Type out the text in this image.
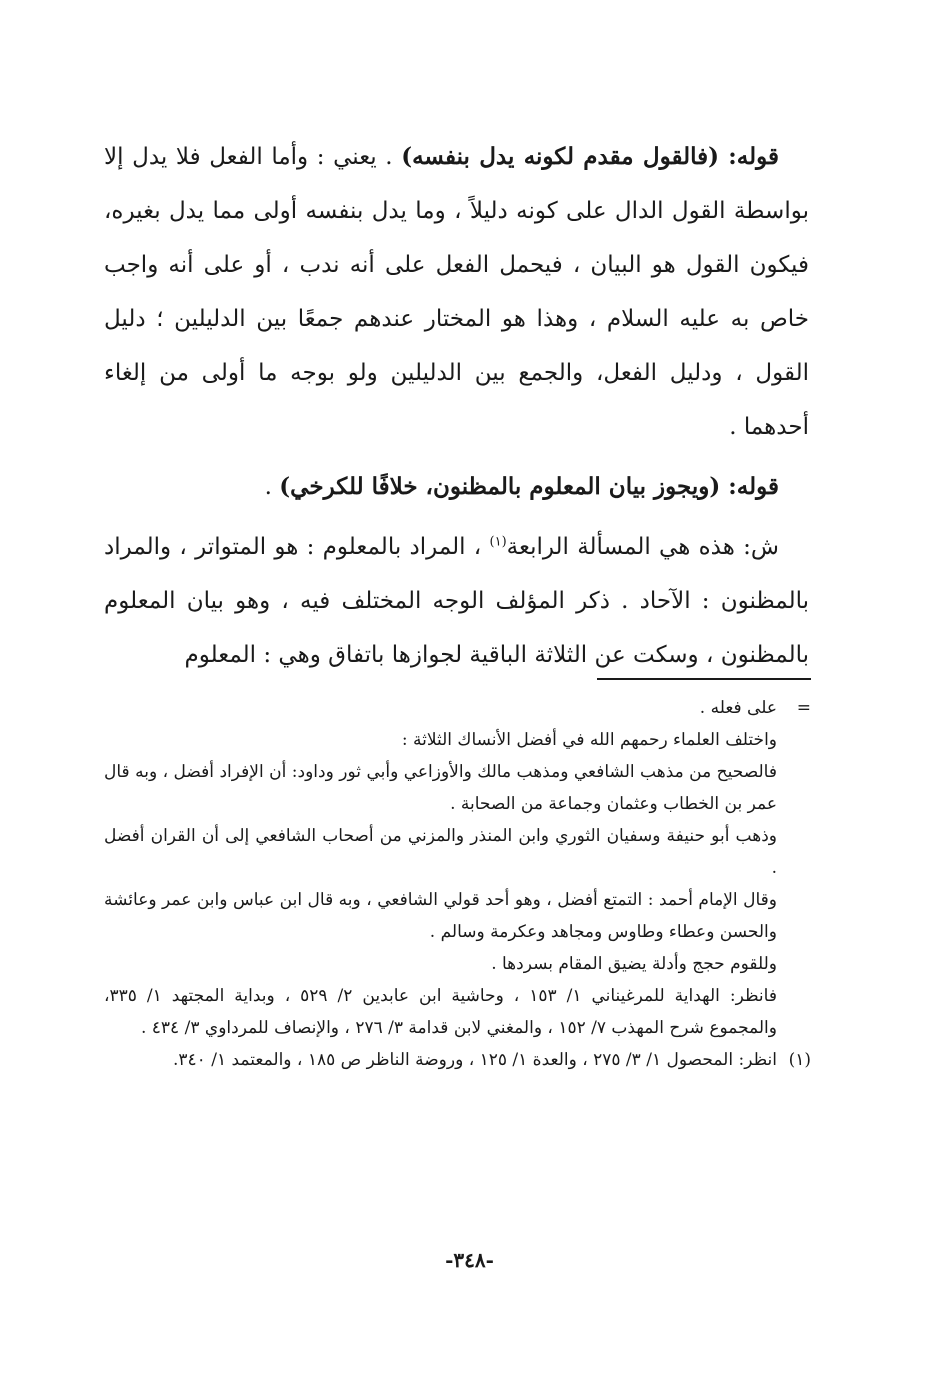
قوله: (فالقول مقدم لكونه يدل بنفسه) . يعني : وأما الفعل فلا يدل إلا بواسطة القول الدال على كونه دليلاً ، وما يدل بنفسه أولى مما يدل بغيره، فيكون القول هو البيان ، فيحمل الفعل على أنه ندب ، أو على أنه واجب خاص به عليه السلام ، وهذا هو المختار عندهم جمعًا بين الدليلين ؛ دليل القول ، ودليل الفعل، والجمع بين الدليلين ولو بوجه ما أولى من إلغاء أحدهما .

قوله: (ويجوز بيان المعلوم بالمظنون، خلافًا للكرخي) .

ش: هذه هي المسألة الرابعة$^{(١)}$ ، المراد بالمعلوم : هو المتواتر ، والمراد بالمظنون : الآحاد . ذكر المؤلف الوجه المختلف فيه ، وهو بيان المعلوم بالمظنون ، وسكت عن الثلاثة الباقية لجوازها باتفاق وهي : المعلوم

=

على فعله .

واختلف العلماء رحمهم الله في أفضل الأنساك الثلاثة :

فالصحيح من مذهب الشافعي ومذهب مالك والأوزاعي وأبي ثور وداود: أن الإفراد أفضل ، وبه قال عمر بن الخطاب وعثمان وجماعة من الصحابة .

وذهب أبو حنيفة وسفيان الثوري وابن المنذر والمزني من أصحاب الشافعي إلى أن القران أفضل .

وقال الإمام أحمد : التمتع أفضل ، وهو أحد قولي الشافعي ، وبه قال ابن عباس وابن عمر وعائشة والحسن وعطاء وطاوس ومجاهد وعكرمة وسالم .

وللقوم حجج وأدلة يضيق المقام بسردها .

فانظر: الهداية للمرغيناني ١/ ١٥٣ ، وحاشية ابن عابدين ٢/ ٥٢٩ ، وبداية المجتهد ١/ ٣٣٥، والمجموع شرح المهذب ٧/ ١٥٢ ، والمغني لابن قدامة ٣/ ٢٧٦ ، والإنصاف للمرداوي ٣/ ٤٣٤ .

(١)

انظر: المحصول ١/ ٣/ ٢٧٥ ، والعدة ١/ ١٢٥ ، وروضة الناظر ص ١٨٥ ، والمعتمد ١/ ٣٤٠.

-٣٤٨-
